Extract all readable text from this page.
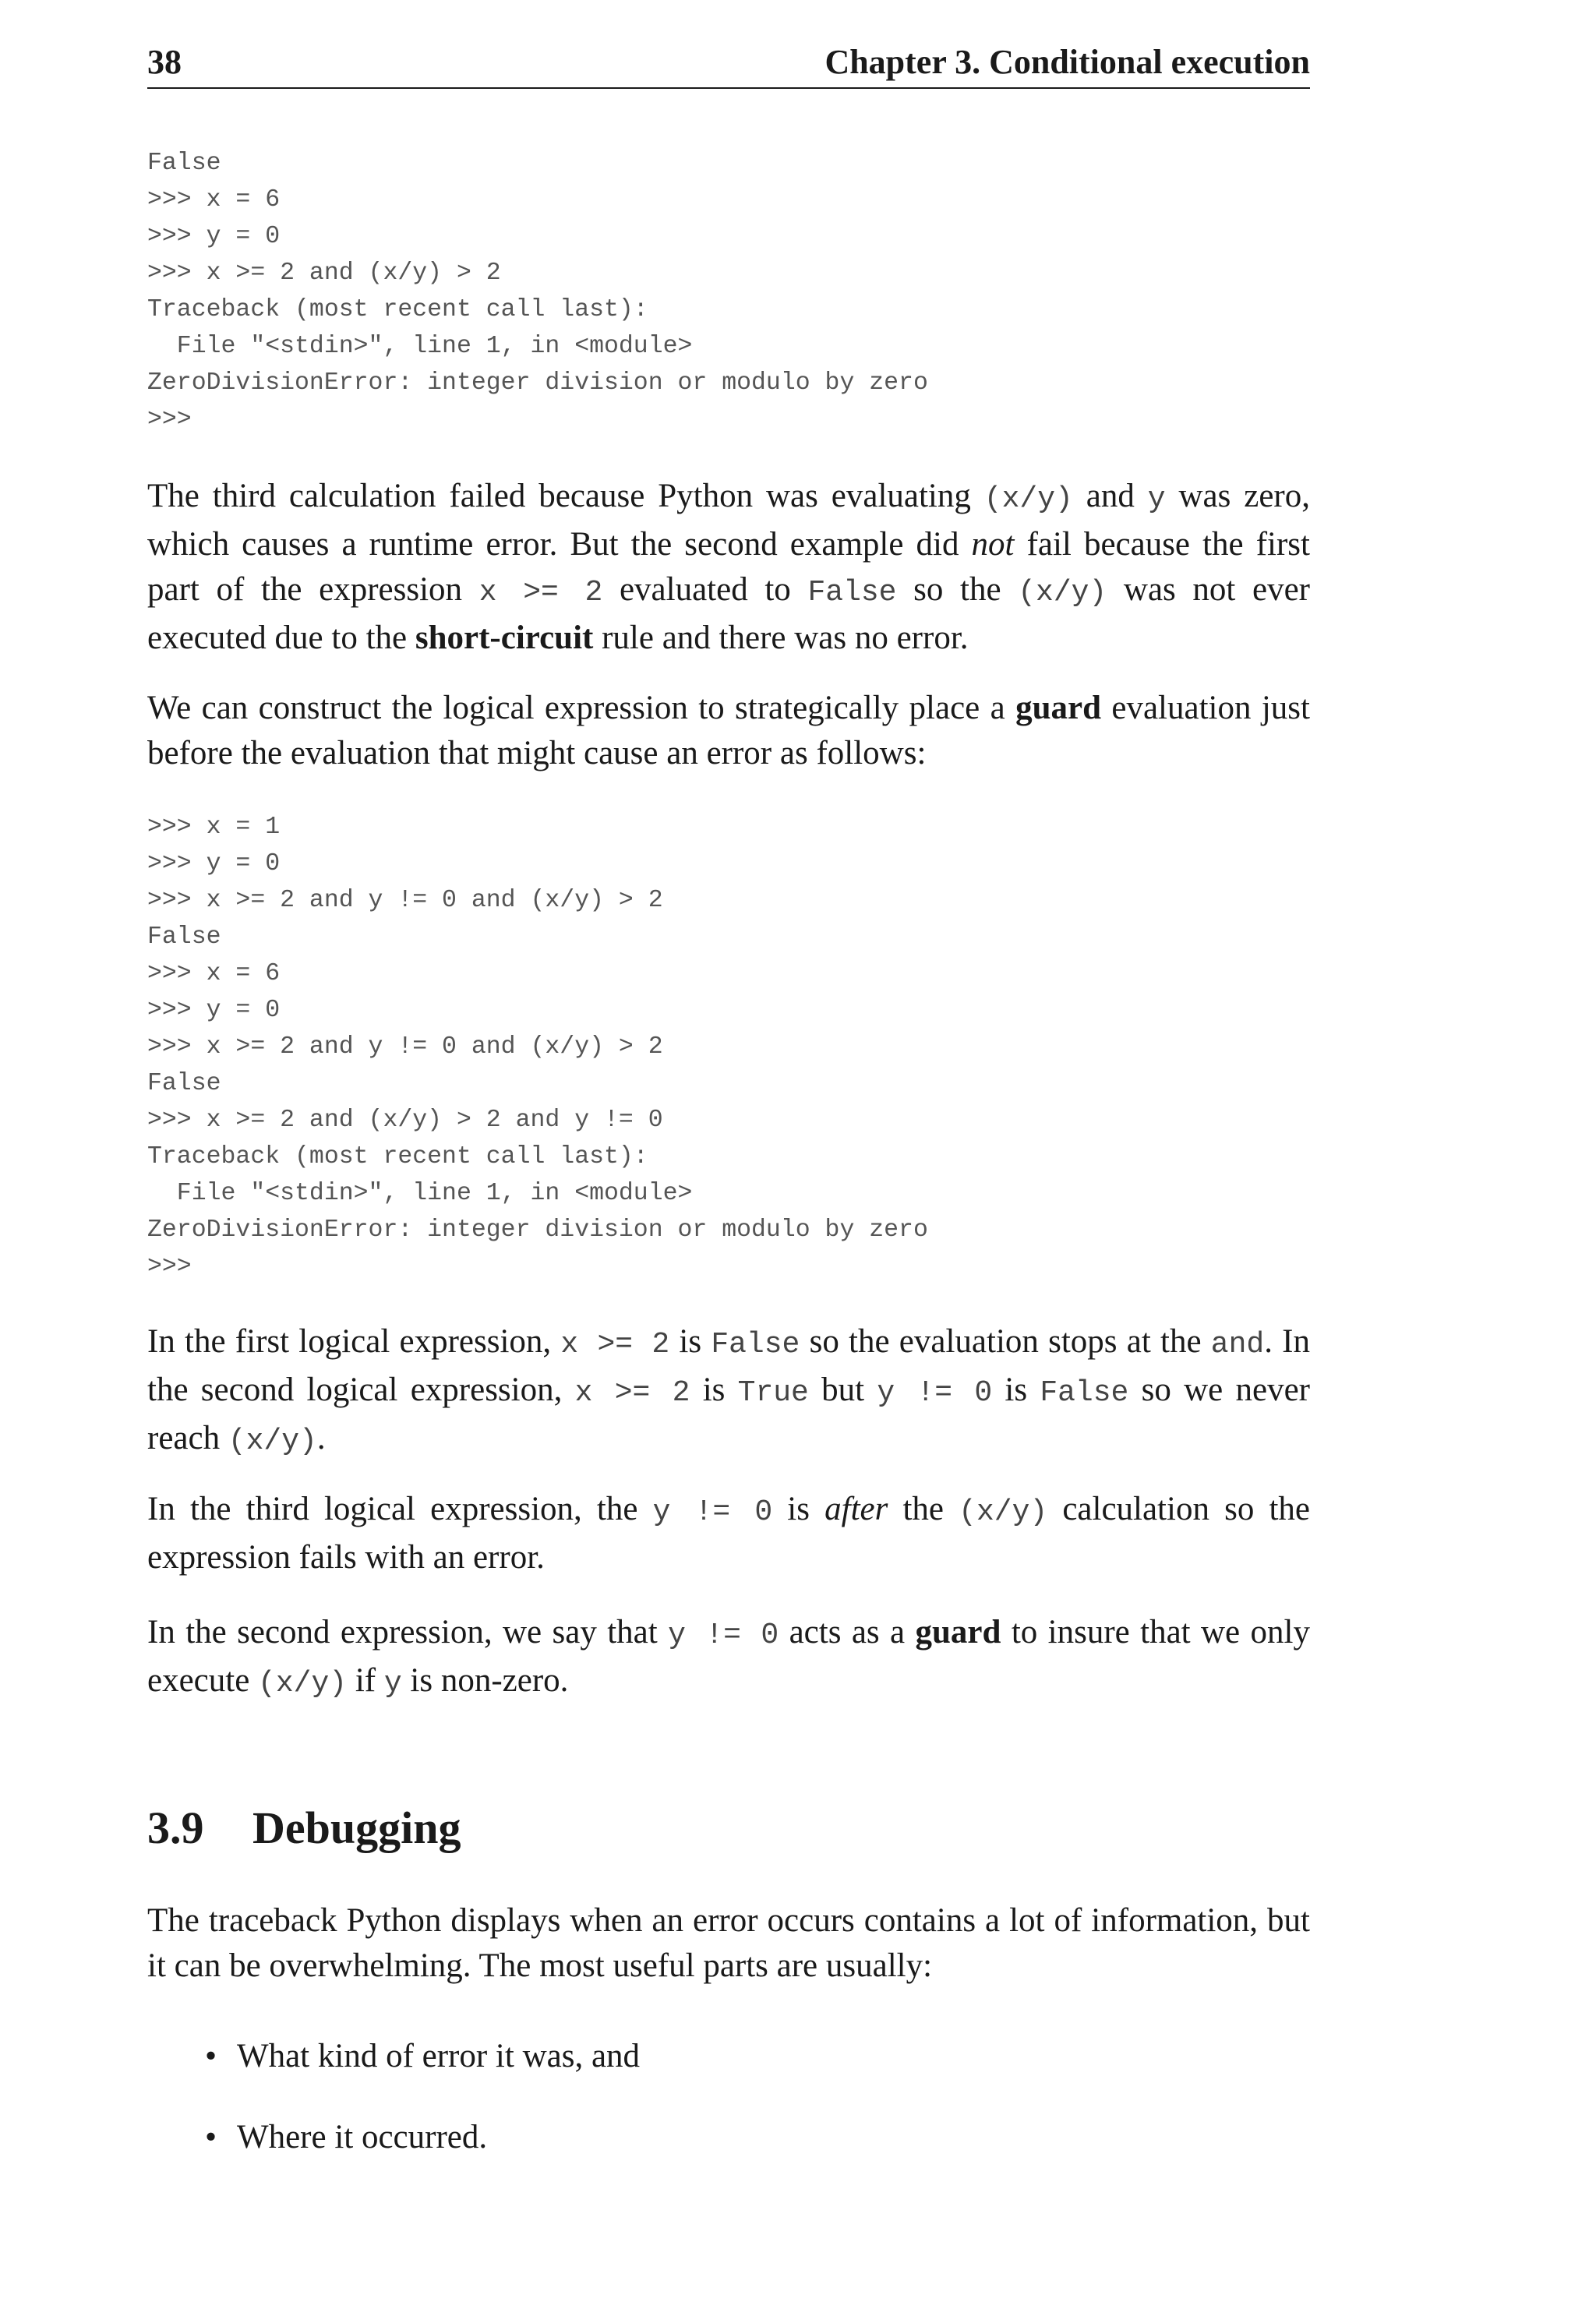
38	Chapter 3. Conditional execution
False
>>> x = 6
>>> y = 0
>>> x >= 2 and (x/y) > 2
Traceback (most recent call last):
File "<stdin>", line 1, in <module>
ZeroDivisionError: integer division or modulo by zero
>>>

The third calculation failed because Python was evaluating (x/y) and y was zero, which causes a runtime error. But the second example did not fail because the first part of the expression x >= 2 evaluated to False so the (x/y) was not ever executed due to the short-circuit rule and there was no error.

We can construct the logical expression to strategically place a guard evaluation just before the evaluation that might cause an error as follows:

>>> x = 1
>>> y = 0
>>> x >= 2 and y != 0 and (x/y) > 2
False
>>> x = 6
>>> y = 0
>>> x >= 2 and y != 0 and (x/y) > 2
False
>>> x >= 2 and (x/y) > 2 and y != 0
Traceback (most recent call last):
File "<stdin>", line 1, in <module>
ZeroDivisionError: integer division or modulo by zero
>>>

In the first logical expression, x >= 2 is False so the evaluation stops at the and. In the second logical expression, x >= 2 is True but y != 0 is False so we never reach (x/y).

In the third logical expression, the y != 0 is after the (x/y) calculation so the expression fails with an error.

In the second expression, we say that y != 0 acts as a guard to insure that we only execute (x/y) if y is non-zero.

3.9 Debugging

The traceback Python displays when an error occurs contains a lot of information, but it can be overwhelming. The most useful parts are usually:

• What kind of error it was, and
• Where it occurred.
